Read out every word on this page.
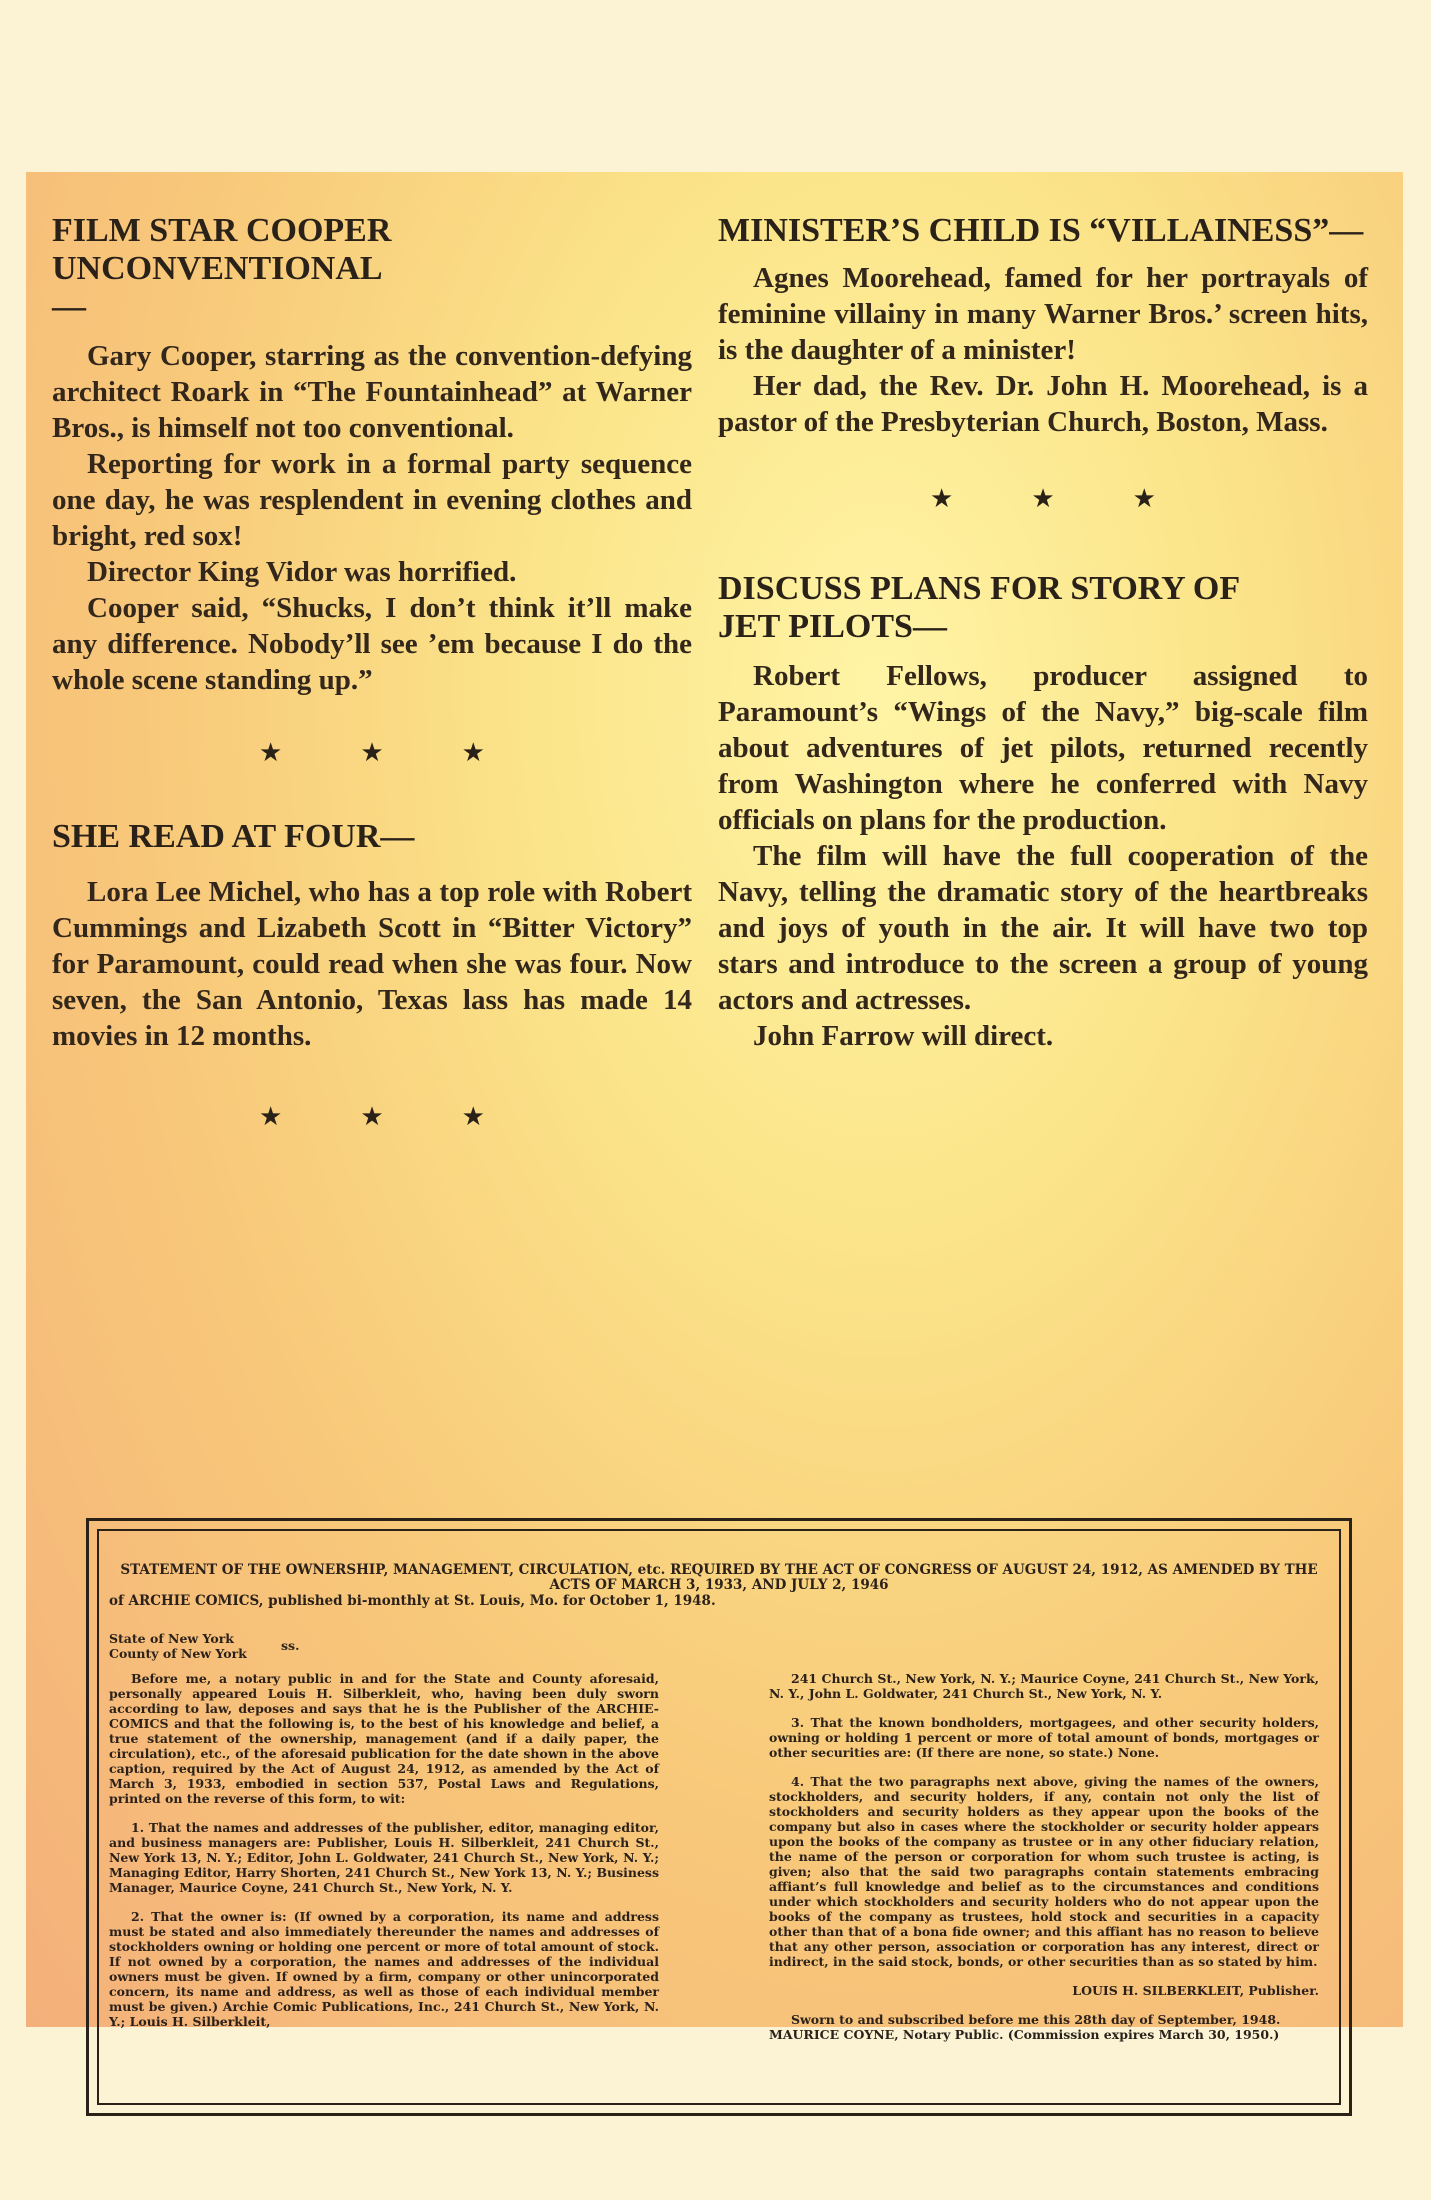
FILM STAR COOPER UNCONVENTIONAL—

Gary Cooper, starring as the convention-defying architect Roark in “The Fountainhead” at Warner Bros., is himself not too conventional.

Reporting for work in a formal party sequence one day, he was resplendent in evening clothes and bright, red sox!

Director King Vidor was horrified.

Cooper said, “Shucks, I don’t think it’ll make any difference. Nobody’ll see ’em because I do the whole scene standing up.”

★★★
SHE READ AT FOUR—

Lora Lee Michel, who has a top role with Robert Cummings and Lizabeth Scott in “Bitter Victory” for Paramount, could read when she was four. Now seven, the San Antonio, Texas lass has made 14 movies in 12 months.

★★★
MINISTER’S CHILD IS “VILLAINESS”—

Agnes Moorehead, famed for her portrayals of feminine villainy in many Warner Bros.’ screen hits, is the daughter of a minister!

Her dad, the Rev. Dr. John H. Moorehead, is a pastor of the Presbyterian Church, Boston, Mass.

★★★
DISCUSS PLANS FOR STORY OF JET PILOTS—

Robert Fellows, producer assigned to Paramount’s “Wings of the Navy,” big-scale film about adventures of jet pilots, returned recently from Washington where he conferred with Navy officials on plans for the production.

The film will have the full cooperation of the Navy, telling the dramatic story of the heartbreaks and joys of youth in the air. It will have two top stars and introduce to the screen a group of young actors and actresses.

John Farrow will direct.

STATEMENT OF THE OWNERSHIP, MANAGEMENT, CIRCULATION, etc. REQUIRED BY THE ACT OF CONGRESS OF AUGUST 24, 1912, AS AMENDED BY THE ACTS OF MARCH 3, 1933, AND JULY 2, 1946

of ARCHIE COMICS, published bi-monthly at St. Louis, Mo. for October 1, 1948.

State of New York

County of New York

ss.

Before me, a notary public in and for the State and County aforesaid, personally appeared Louis H. Silberkleit, who, having been duly sworn according to law, deposes and says that he is the Publisher of the ARCHIE-COMICS and that the following is, to the best of his knowledge and belief, a true statement of the ownership, management (and if a daily paper, the circulation), etc., of the aforesaid publication for the date shown in the above caption, required by the Act of August 24, 1912, as amended by the Act of March 3, 1933, embodied in section 537, Postal Laws and Regulations, printed on the reverse of this form, to wit:

1. That the names and addresses of the publisher, editor, managing editor, and business managers are: Publisher, Louis H. Silberkleit, 241 Church St., New York 13, N. Y.; Editor, John L. Goldwater, 241 Church St., New York, N. Y.; Managing Editor, Harry Shorten, 241 Church St., New York 13, N. Y.; Business Manager, Maurice Coyne, 241 Church St., New York, N. Y.

2. That the owner is: (If owned by a corporation, its name and address must be stated and also immediately thereunder the names and addresses of stockholders owning or holding one percent or more of total amount of stock. If not owned by a corporation, the names and addresses of the individual owners must be given. If owned by a firm, company or other unincorporated concern, its name and address, as well as those of each individual member must be given.) Archie Comic Publications, Inc., 241 Church St., New York, N. Y.; Louis H. Silberkleit,

241 Church St., New York, N. Y.; Maurice Coyne, 241 Church St., New York, N. Y., John L. Goldwater, 241 Church St., New York, N. Y.

3. That the known bondholders, mortgagees, and other security holders, owning or holding 1 percent or more of total amount of bonds, mortgages or other securities are: (If there are none, so state.) None.

4. That the two paragraphs next above, giving the names of the owners, stockholders, and security holders, if any, contain not only the list of stockholders and security holders as they appear upon the books of the company but also in cases where the stockholder or security holder appears upon the books of the company as trustee or in any other fiduciary relation, the name of the person or corporation for whom such trustee is acting, is given; also that the said two paragraphs contain statements embracing affiant’s full knowledge and belief as to the circumstances and conditions under which stockholders and security holders who do not appear upon the books of the company as trustees, hold stock and securities in a capacity other than that of a bona fide owner; and this affiant has no reason to believe that any other person, association or corporation has any interest, direct or indirect, in the said stock, bonds, or other securities than as so stated by him.

LOUIS H. SILBERKLEIT, Publisher.

Sworn to and subscribed before me this 28th day of September, 1948.

MAURICE COYNE, Notary Public. (Commission expires March 30, 1950.)
